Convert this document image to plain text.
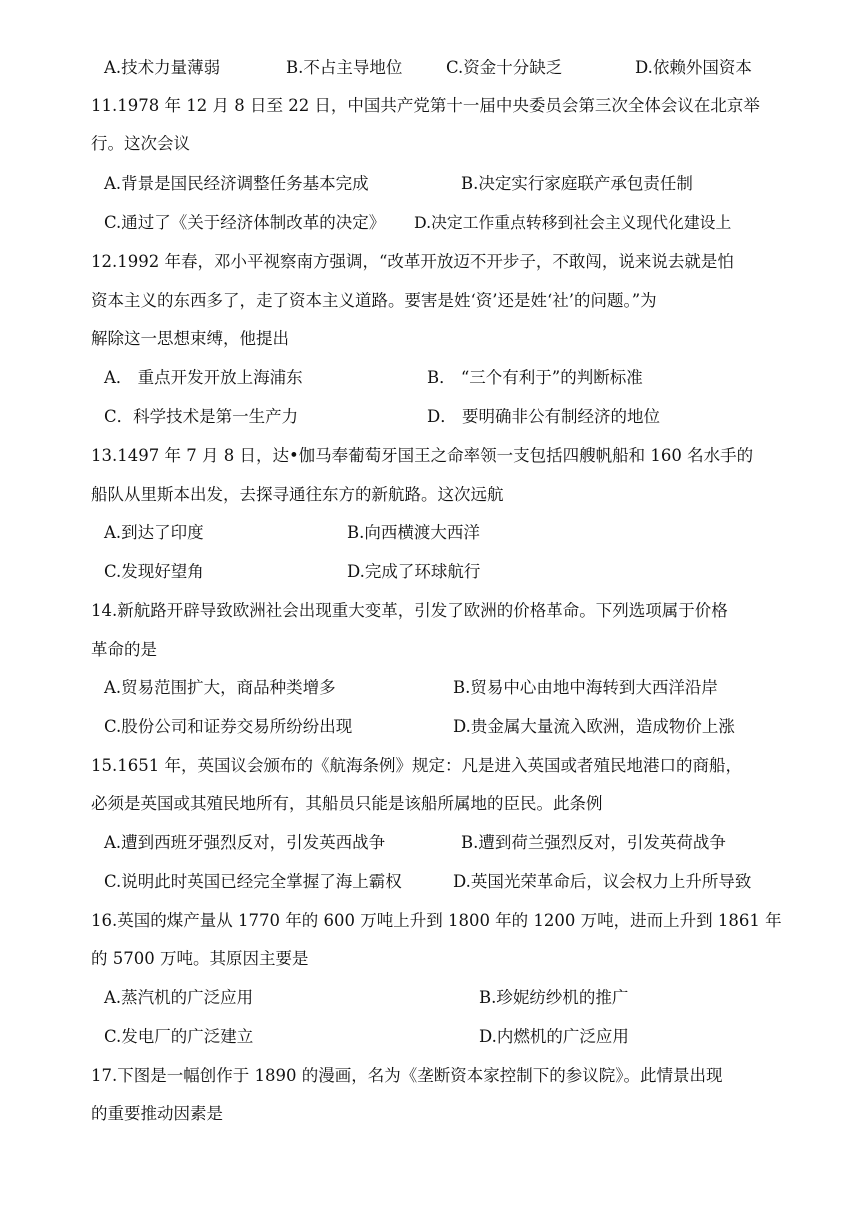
A.技术力量薄弱	B.不占主导地位	C.资金十分缺乏	D.依赖外国资本
11.1978 年 12 月 8 日至 22 日，中国共产党第十一届中央委员会第三次全体会议在北京举
行。这次会议
A.背景是国民经济调整任务基本完成	B.决定实行家庭联产承包责任制
C.通过了《关于经济体制改革的决定》 D.决定工作重点转移到社会主义现代化建设上
12.1992 年春，邓小平视察南方强调，“改革开放迈不开步子，不敢闯，说来说去就是怕
资本主义的东西多了，走了资本主义道路。要害是姓‘资’还是姓‘社’的问题。”为
解除这一思想束缚，他提出
A． 重点开发开放上海浦东	B． “三个有利于”的判断标准
C．科学技术是第一生产力	D． 要明确非公有制经济的地位
13.1497 年 7 月 8 日，达•伽马奉葡萄牙国王之命率领一支包括四艘帆船和 160 名水手的
船队从里斯本出发，去探寻通往东方的新航路。这次远航
A.到达了印度	B.向西横渡大西洋
C.发现好望角	D.完成了环球航行
14.新航路开辟导致欧洲社会出现重大变革，引发了欧洲的价格革命。下列选项属于价格
革命的是
A.贸易范围扩大，商品种类增多	B.贸易中心由地中海转到大西洋沿岸
C.股份公司和证券交易所纷纷出现	D.贵金属大量流入欧洲，造成物价上涨
15.1651 年，英国议会颁布的《航海条例》规定：凡是进入英国或者殖民地港口的商船，
必须是英国或其殖民地所有，其船员只能是该船所属地的臣民。此条例
A.遭到西班牙强烈反对，引发英西战争	B.遭到荷兰强烈反对，引发英荷战争
C.说明此时英国已经完全掌握了海上霸权	D.英国光荣革命后，议会权力上升所导致
16.英国的煤产量从 1770 年的 600 万吨上升到 1800 年的 1200 万吨，进而上升到 1861 年
的 5700 万吨。其原因主要是
A.蒸汽机的广泛应用	B.珍妮纺纱机的推广
C.发电厂的广泛建立	D.内燃机的广泛应用
17.下图是一幅创作于 1890 的漫画，名为《垄断资本家控制下的参议院》。此情景出现
的重要推动因素是
